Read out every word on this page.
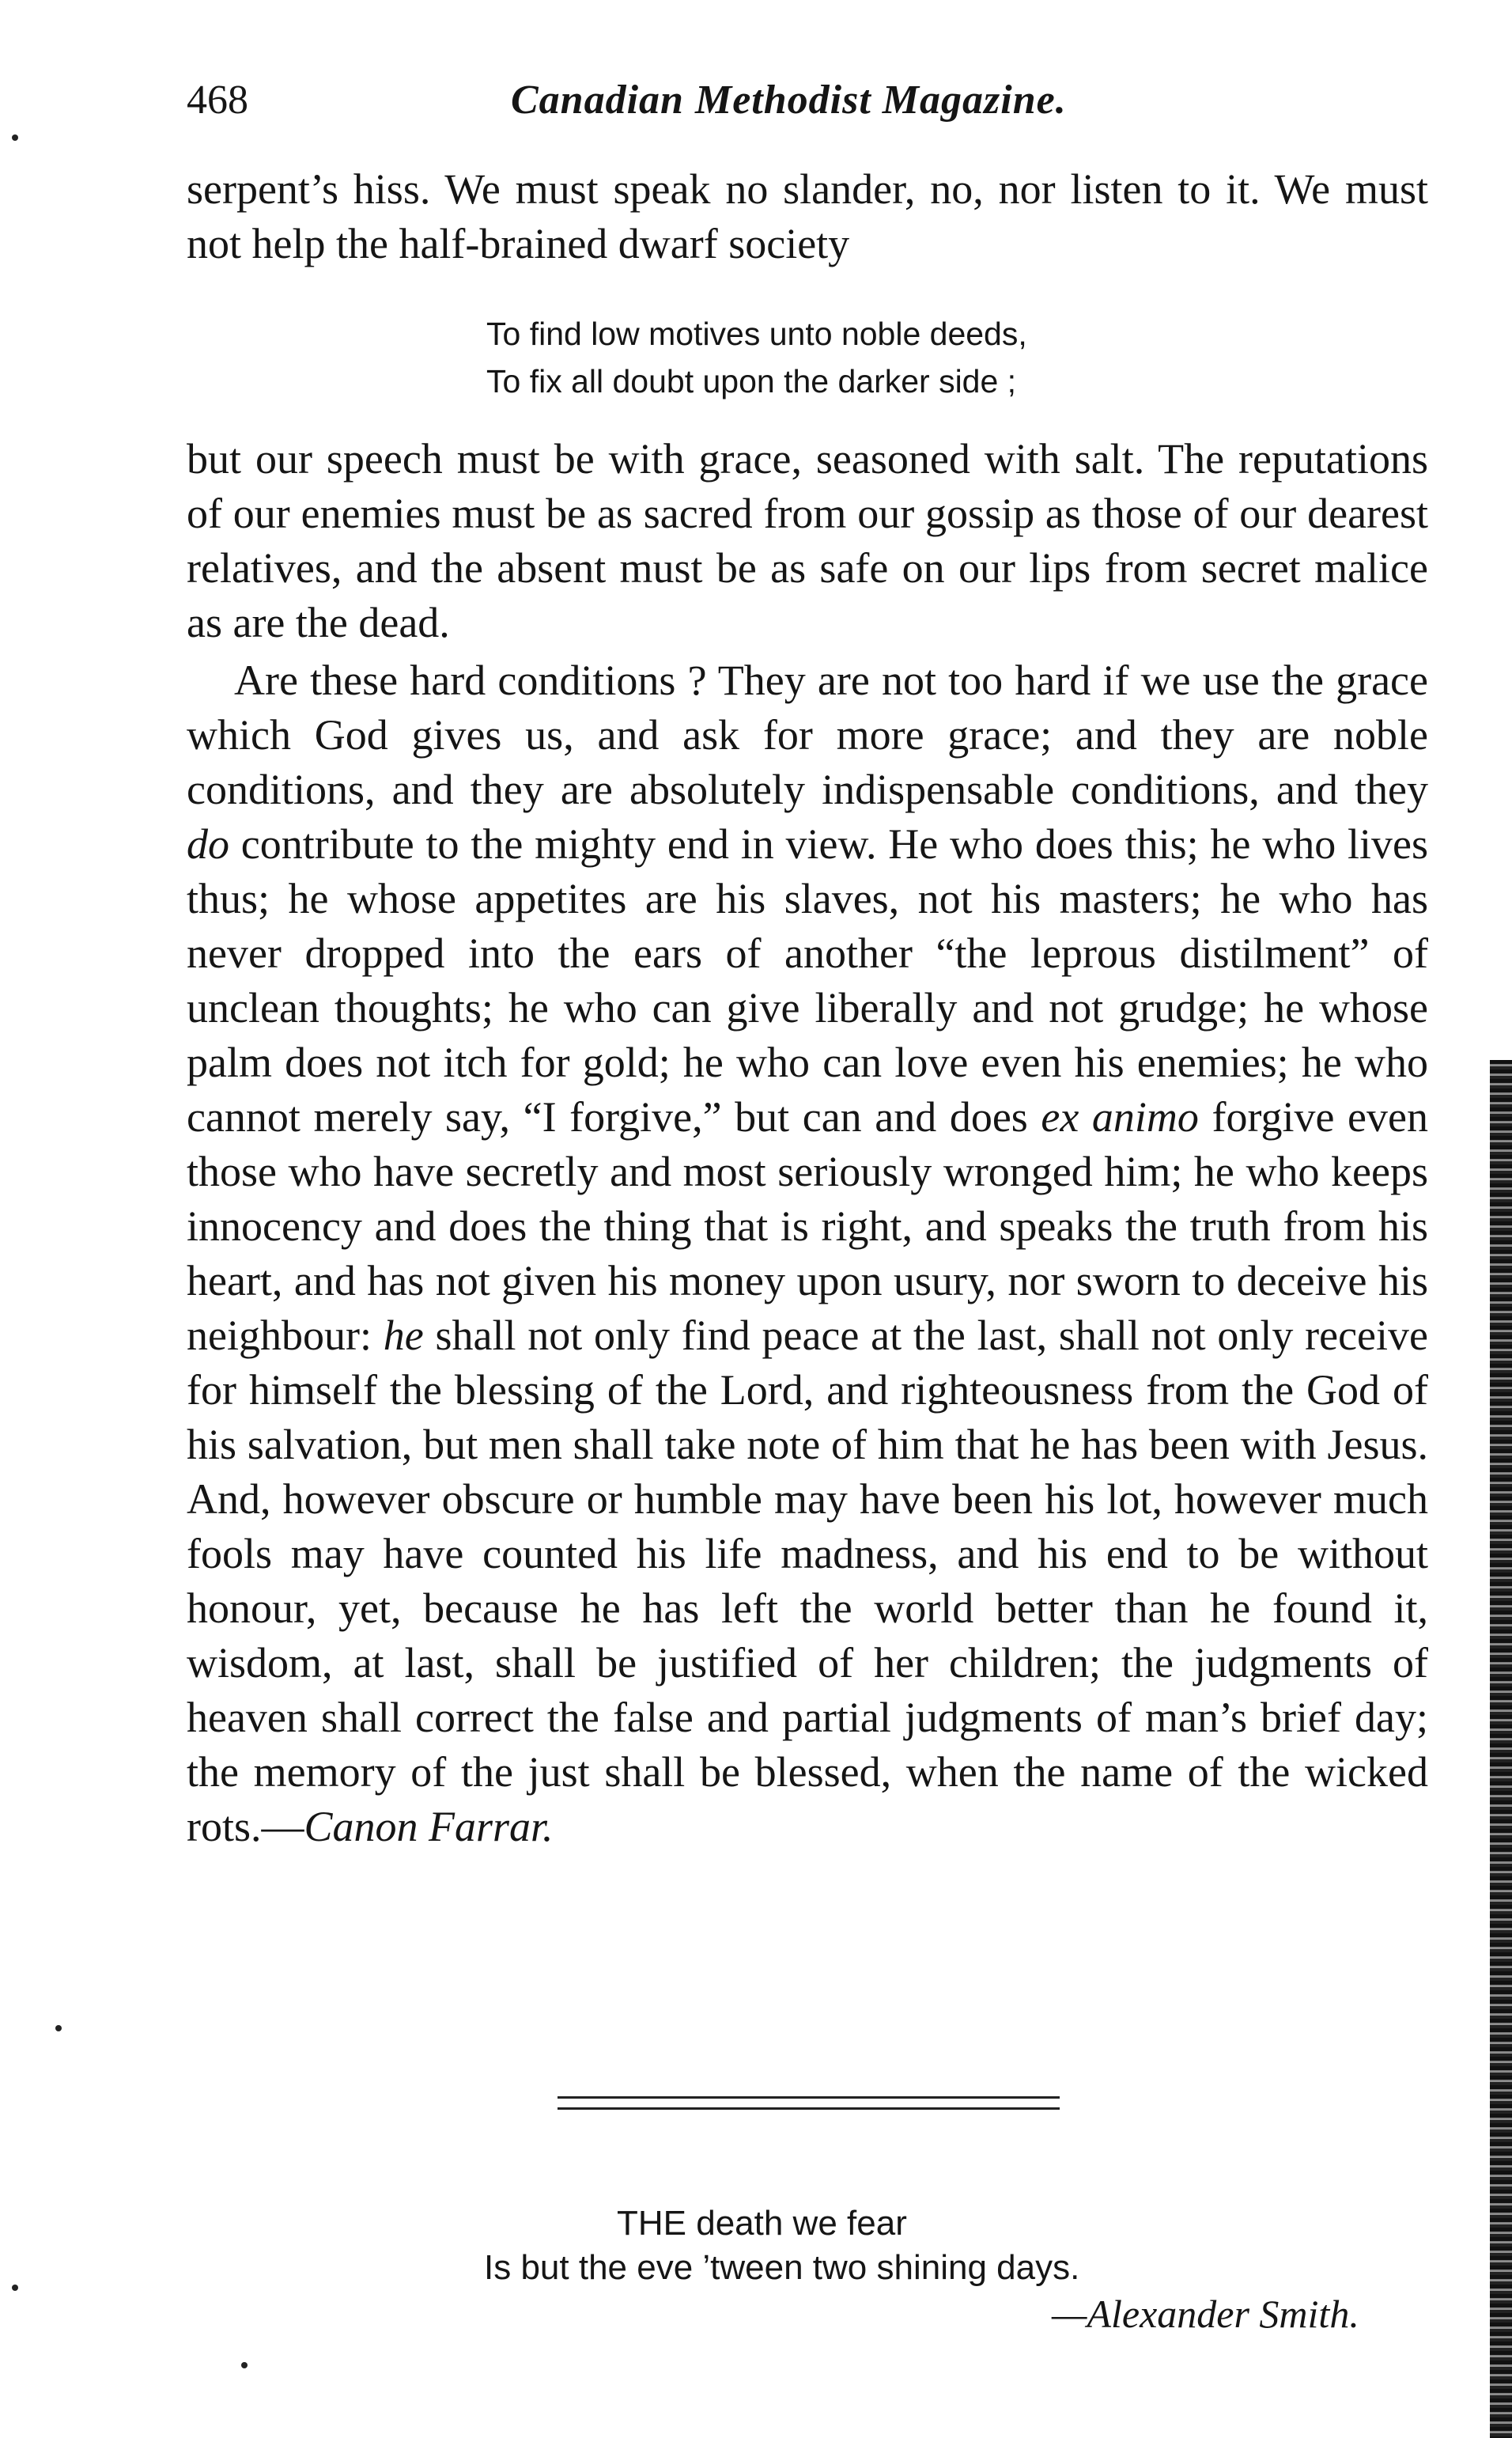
468	Canadian Methodist Magazine.

serpent’s hiss. We must speak no slander, no, nor listen to it. We must not help the half-brained dwarf society

To find low motives unto noble deeds,
To fix all doubt upon the darker side ;

but our speech must be with grace, seasoned with salt. The reputations of our enemies must be as sacred from our gossip as those of our dearest relatives, and the absent must be as safe on our lips from secret malice as are the dead.

Are these hard conditions ? They are not too hard if we use the grace which God gives us, and ask for more grace; and they are noble conditions, and they are absolutely indispensable conditions, and they do contribute to the mighty end in view. He who does this; he who lives thus; he whose appetites are his slaves, not his masters; he who has never dropped into the ears of another “the leprous distilment” of unclean thoughts; he who can give liberally and not grudge; he whose palm does not itch for gold; he who can love even his enemies; he who cannot merely say, “I forgive,” but can and does ex animo forgive even those who have secretly and most seriously wronged him; he who keeps innocency and does the thing that is right, and speaks the truth from his heart, and has not given his money upon usury, nor sworn to deceive his neighbour: he shall not only find peace at the last, shall not only receive for himself the blessing of the Lord, and righteousness from the God of his salvation, but men shall take note of him that he has been with Jesus. And, however obscure or humble may have been his lot, however much fools may have counted his life madness, and his end to be without honour, yet, because he has left the world better than he found it, wisdom, at last, shall be justified of her children; the judgments of heaven shall correct the false and partial judgments of man’s brief day; the memory of the just shall be blessed, when the name of the wicked rots.—Canon Farrar.

THE death we fear
Is but the eve ’tween two shining days.
—Alexander Smith.
